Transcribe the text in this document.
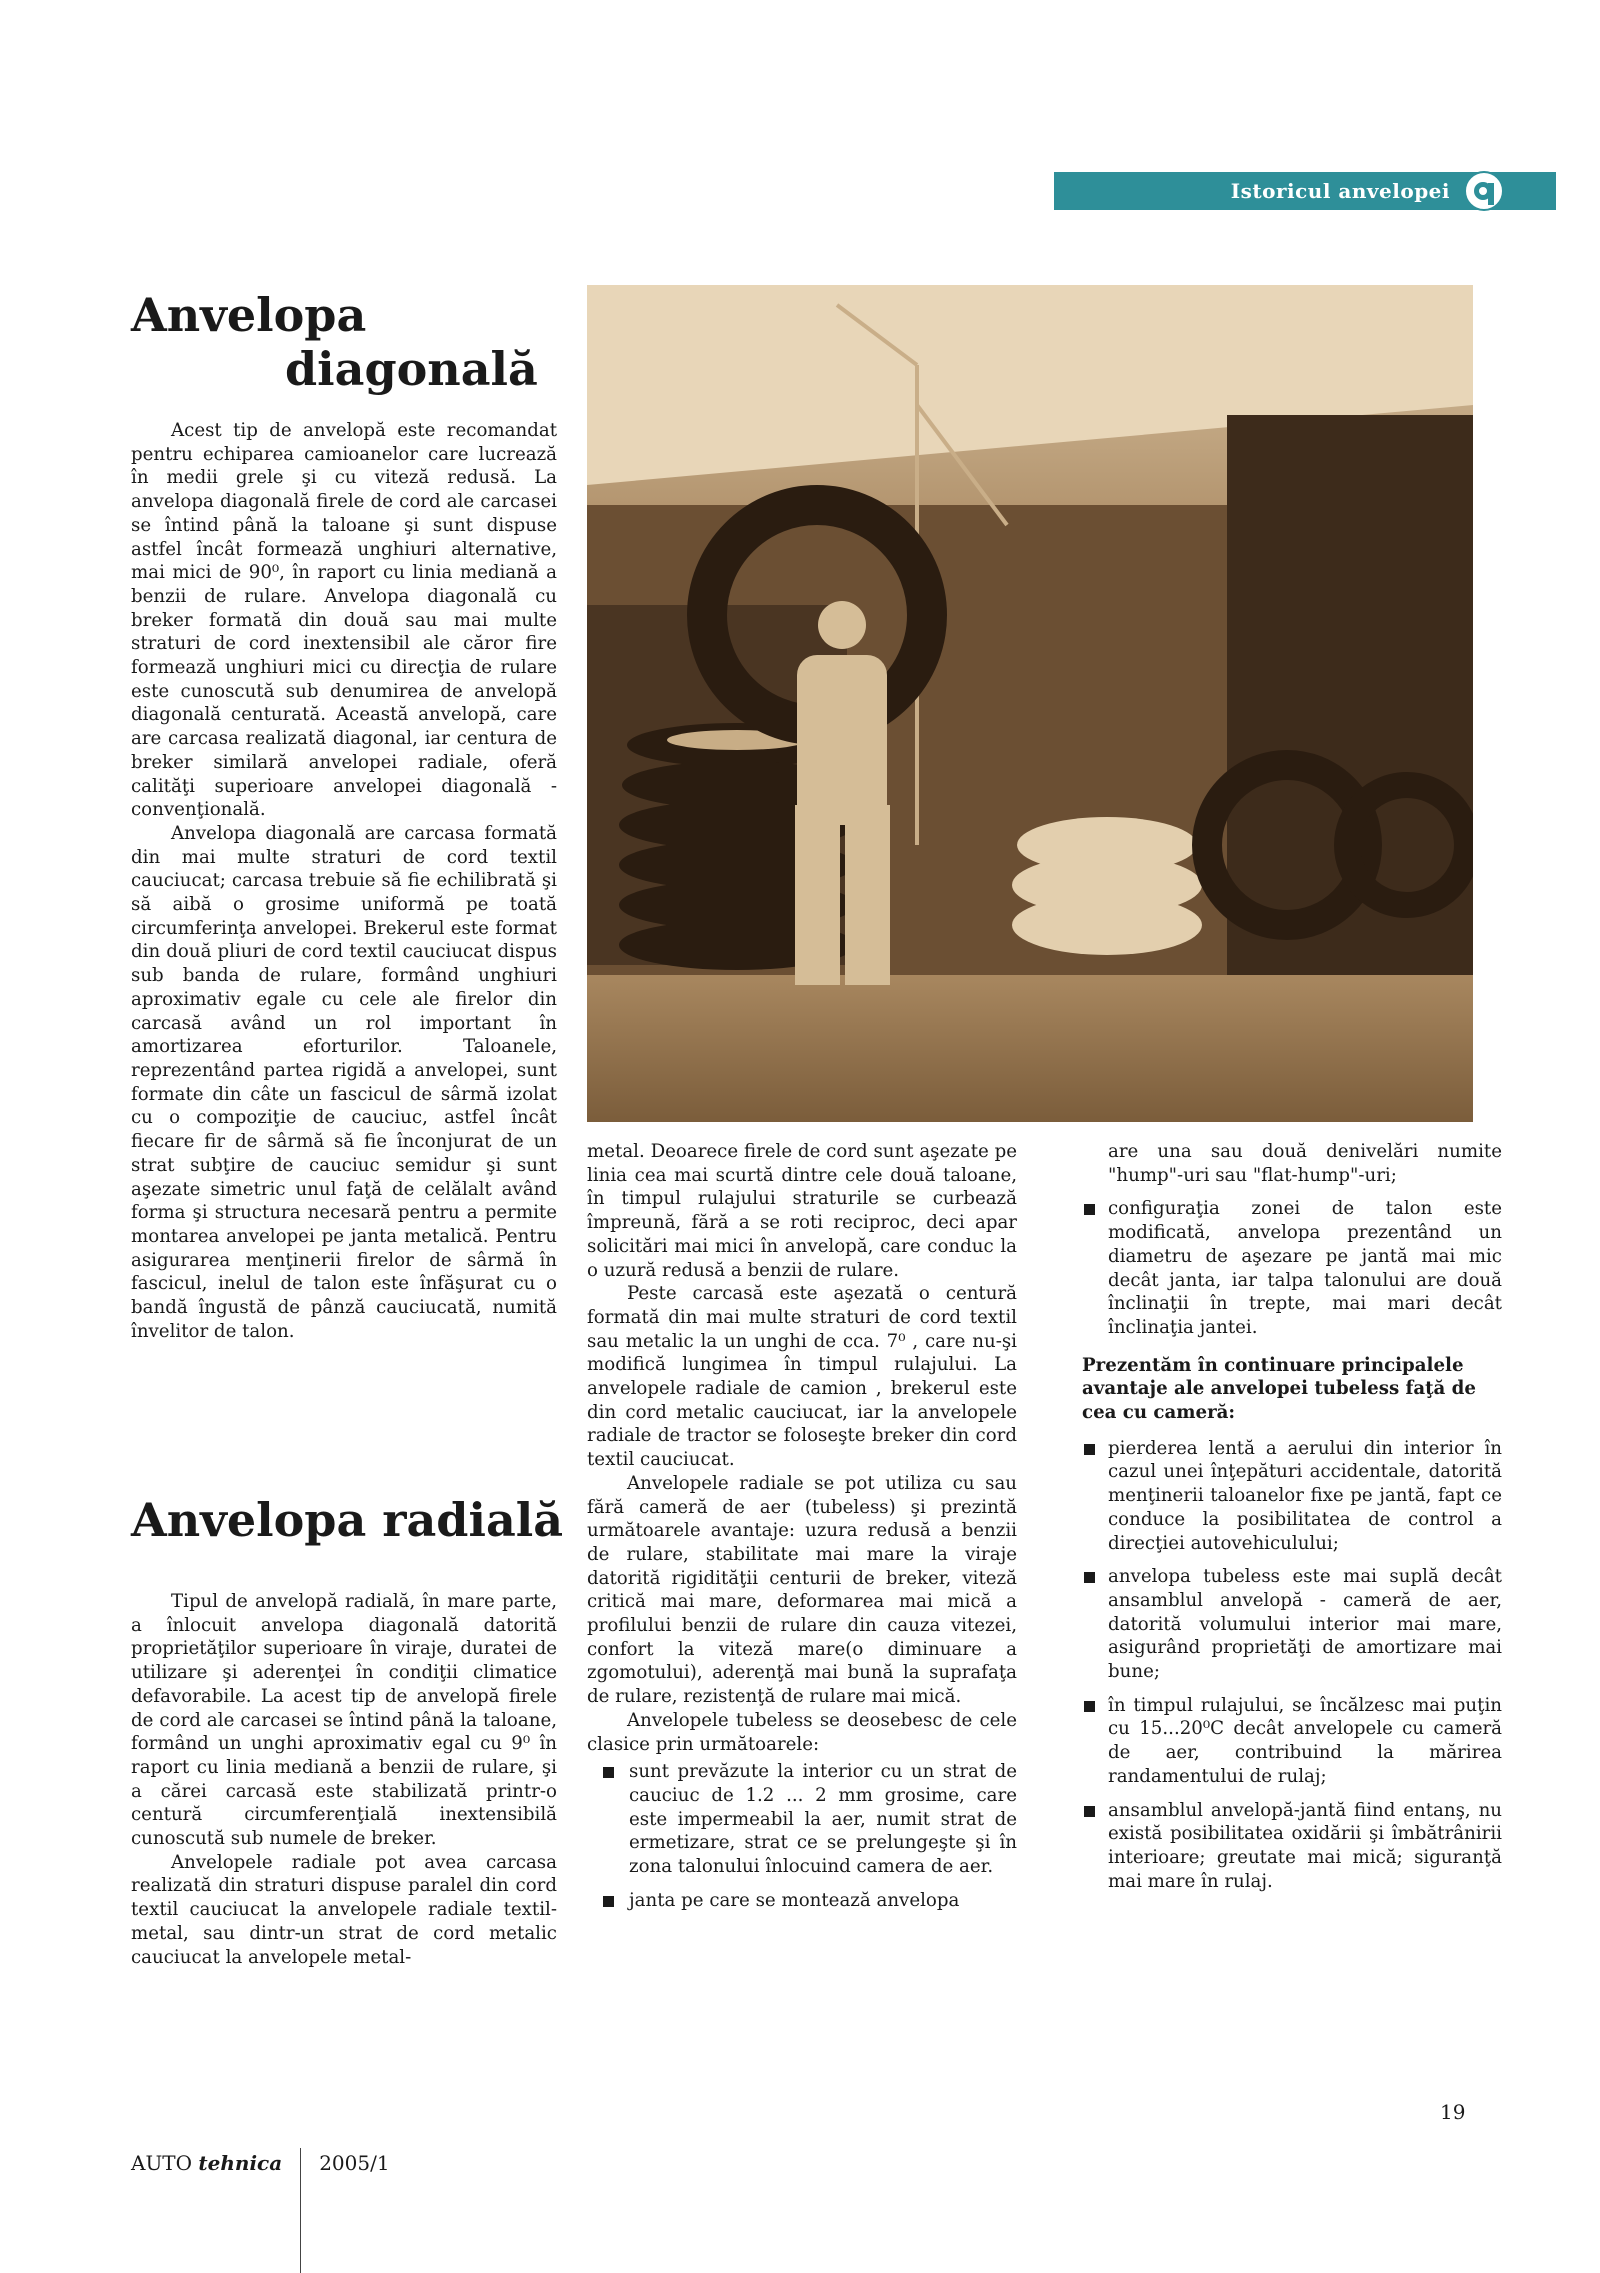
Istoricul anvelopei
Anvelopa
diagonală

Acest tip de anvelopă este recomandat pentru echiparea camioanelor care lucrează în medii grele şi cu viteză redusă. La anvelopa diagonală firele de cord ale carcasei se întind până la taloane şi sunt dispuse astfel încât formează unghiuri alternative, mai mici de 90⁰, în raport cu linia mediană a benzii de rulare. Anvelopa diagonală cu breker formată din două sau mai multe straturi de cord inextensibil ale căror fire formează unghiuri mici cu direcţia de rulare este cunoscută sub denumirea de anvelopă diagonală centurată. Această anvelopă, care are carcasa realizată diagonal, iar centura de breker similară anvelopei radiale, oferă calităţi superioare anvelopei diagonală - convenţională.

Anvelopa diagonală are carcasa formată din mai multe straturi de cord textil cauciucat; carcasa trebuie să fie echilibrată şi să aibă o grosime uniformă pe toată circumferinţa anvelopei. Brekerul este format din două pliuri de cord textil cauciucat dispus sub banda de rulare, formând unghiuri aproximativ egale cu cele ale firelor din carcasă având un rol important în amortizarea eforturilor. Taloanele, reprezentând partea rigidă a anvelopei, sunt formate din câte un fascicul de sârmă izolat cu o compoziţie de cauciuc, astfel încât fiecare fir de sârmă să fie înconjurat de un strat subţire de cauciuc semidur şi sunt aşezate simetric unul faţă de celălalt având forma şi structura necesară pentru a permite montarea anvelopei pe janta metalică. Pentru asigurarea menţinerii firelor de sârmă în fascicul, inelul de talon este înfăşurat cu o bandă îngustă de pânză cauciucată, numită învelitor de talon.

Anvelopa radială

Tipul de anvelopă radială, în mare parte, a înlocuit anvelopa diagonală datorită proprietăţilor superioare în viraje, duratei de utilizare şi aderenţei în condiţii climatice defavorabile. La acest tip de anvelopă firele de cord ale carcasei se întind până la taloane, formând un unghi aproximativ egal cu 9⁰ în raport cu linia mediană a benzii de rulare, şi a cărei carcasă este stabilizată printr-o centură circumferenţială inextensibilă cunoscută sub numele de breker.

Anvelopele radiale pot avea carcasa realizată din straturi dispuse paralel din cord textil cauciucat la anvelopele radiale textil-metal, sau dintr-un strat de cord metalic cauciucat la anvelopele metal-

metal. Deoarece firele de cord sunt aşezate pe linia cea mai scurtă dintre cele două taloane, în timpul rulajului straturile se curbează împreună, fără a se roti reciproc, deci apar solicitări mai mici în anvelopă, care conduc la o uzură redusă a benzii de rulare.

Peste carcasă este aşezată o centură formată din mai multe straturi de cord textil sau metalic la un unghi de cca. 7⁰ , care nu-şi modifică lungimea în timpul rulajului. La anvelopele radiale de camion , brekerul este din cord metalic cauciucat, iar la anvelopele radiale de tractor se foloseşte breker din cord textil cauciucat.

Anvelopele radiale se pot utiliza cu sau fără cameră de aer (tubeless) şi prezintă următoarele avantaje: uzura redusă a benzii de rulare, stabilitate mai mare la viraje datorită rigidităţii centurii de breker, viteză critică mai mare, deformarea mai mică a profilului benzii de rulare din cauza vitezei, confort la viteză mare(o diminuare a zgomotului), aderenţă mai bună la suprafaţa de rulare, rezistenţă de rulare mai mică.

Anvelopele tubeless se deosebesc de cele clasice prin următoarele:

sunt prevăzute la interior cu un strat de cauciuc de 1.2 ... 2 mm grosime, care este impermeabil la aer, numit strat de ermetizare, strat ce se prelungeşte şi în zona talonului înlocuind camera de aer.
janta pe care se montează anvelopa
are una sau două denivelări numite "hump"-uri sau "flat-hump"-uri;
configuraţia zonei de talon este modificată, anvelopa prezentând un diametru de aşezare pe jantă mai mic decât janta, iar talpa talonului are două înclinaţii în trepte, mai mari decât înclinaţia jantei.

Prezentăm în continuare principalele avantaje ale anvelopei tubeless faţă de cea cu cameră:

pierderea lentă a aerului din interior în cazul unei înţepături accidentale, datorită menţinerii taloanelor fixe pe jantă, fapt ce conduce la posibilitatea de control a direcţiei autovehiculului;
anvelopa tubeless este mai suplă decât ansamblul anvelopă - cameră de aer, datorită volumului interior mai mare, asigurând proprietăţi de amortizare mai bune;
în timpul rulajului, se încălzesc mai puţin cu 15...20⁰C decât anvelopele cu cameră de aer, contribuind la mărirea randamentului de rulaj;
ansamblul anvelopă-jantă fiind entanş, nu există posibilitatea oxidării şi îmbătrânirii interioare; greutate mai mică; siguranţă mai mare în rulaj.
AUTO tehnica 2005/1
19
